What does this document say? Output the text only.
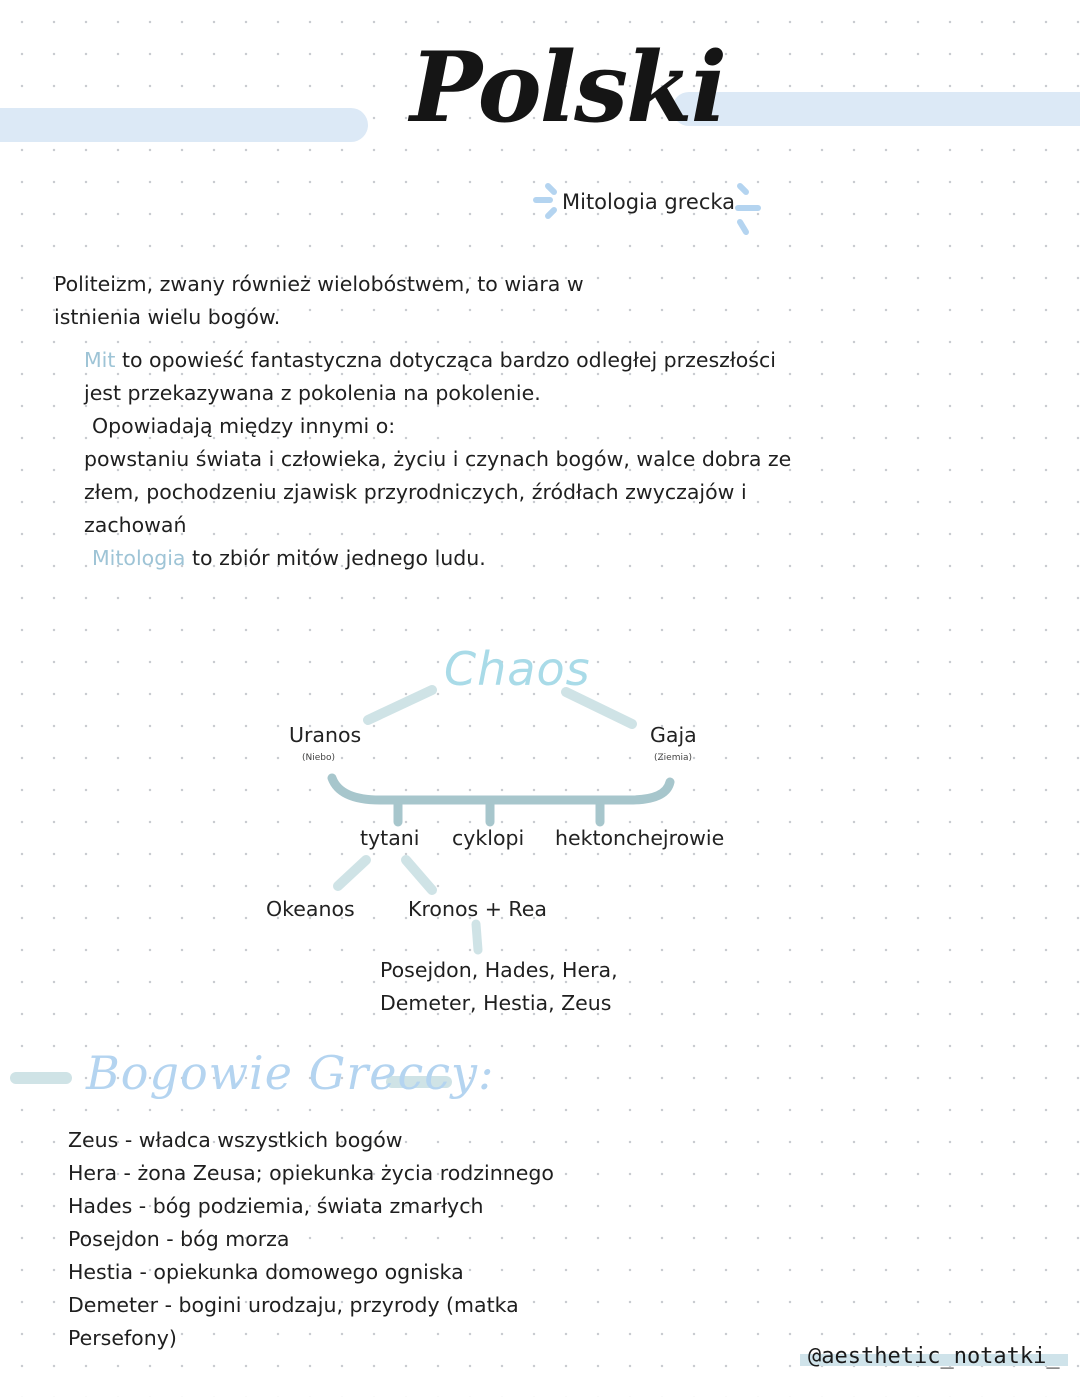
Polski
Mitologia grecka
Politeizm, zwany również wielobóstwem, to wiara w
istnienia wielu bogów.
Mit to opowieść fantastyczna dotycząca bardzo odległej przeszłości
jest przekazywana z pokolenia na pokolenie.
Opowiadają między innymi o:
powstaniu świata i człowieka, życiu i czynach bogów, walce dobra ze
złem, pochodzeniu zjawisk przyrodniczych, źródłach zwyczajów i
zachowań
Mitologia to zbiór mitów jednego ludu.
Chaos
Uranos
(Niebo)
Gaja
(Ziemia)
tytani cyklopi hektonchejrowie
Okeanos	Kronos + Rea
Posejdon, Hades, Hera,
Demeter, Hestia, Zeus
Bogowie Greccy:
Zeus - władca wszystkich bogów
Hera - żona Zeusa; opiekunka życia rodzinnego
Hades - bóg podziemia, świata zmarłych
Posejdon - bóg morza
Hestia - opiekunka domowego ogniska
Demeter - bogini urodzaju, przyrody (matka
Persefony)
@aesthetic_notatki_
